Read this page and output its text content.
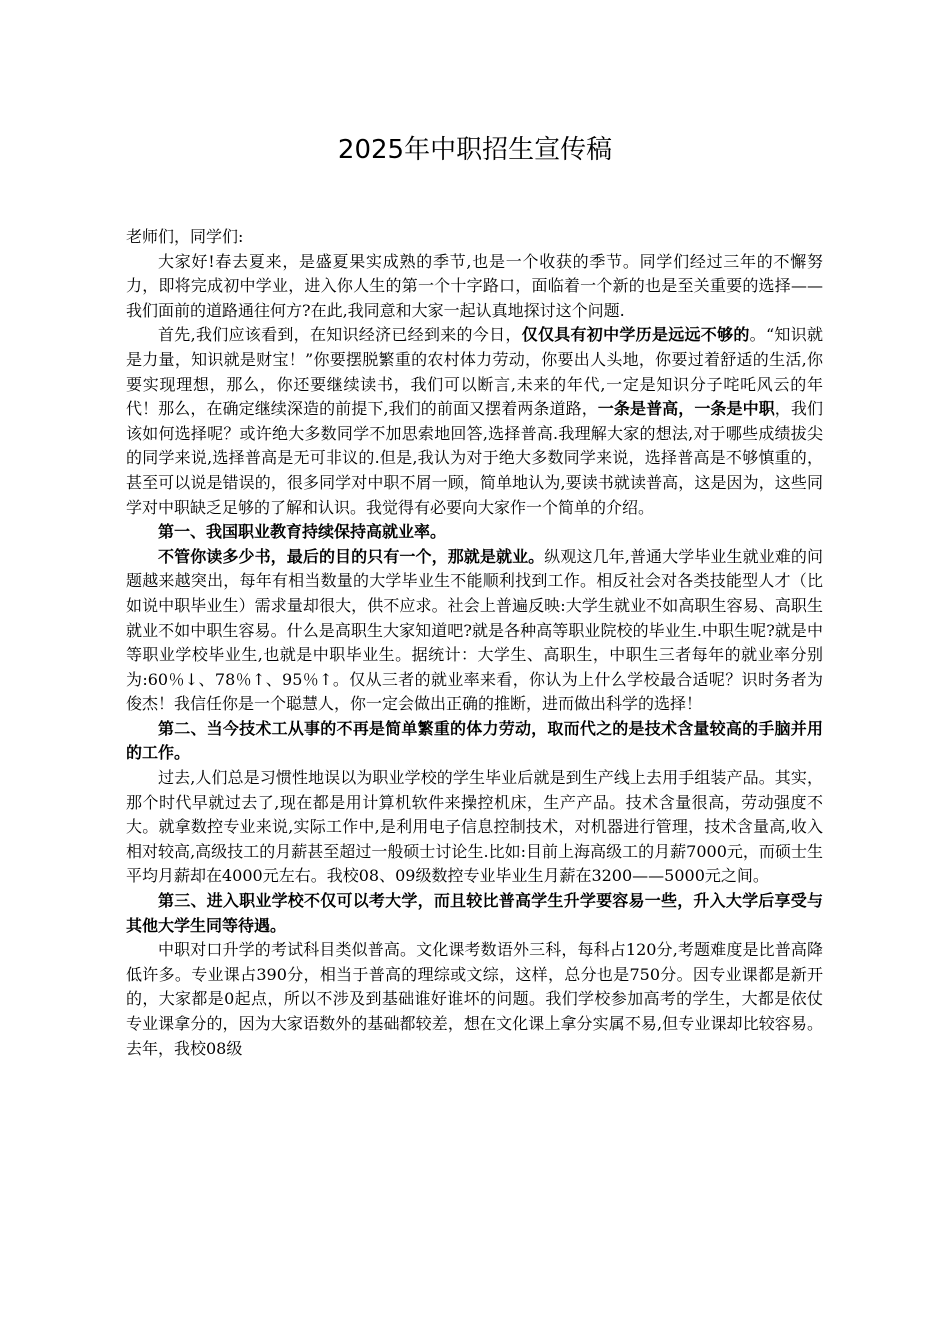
2025年中职招生宣传稿

老师们，同学们:

大家好!春去夏来，是盛夏果实成熟的季节,也是一个收获的季节。同学们经过三年的不懈努力，即将完成初中学业，进入你人生的第一个十字路口，面临着一个新的也是至关重要的选择——我们面前的道路通往何方?在此,我同意和大家一起认真地探讨这个问题.

首先,我们应该看到，在知识经济已经到来的今日，仅仅具有初中学历是远远不够的。“知识就是力量，知识就是财宝！”你要摆脱繁重的农村体力劳动，你要出人头地，你要过着舒适的生活,你要实现理想，那么，你还要继续读书，我们可以断言,未来的年代,一定是知识分子咤吒风云的年代！那么，在确定继续深造的前提下,我们的前面又摆着两条道路，一条是普高，一条是中职，我们该如何选择呢？或许绝大多数同学不加思索地回答,选择普高.我理解大家的想法,对于哪些成绩拔尖的同学来说,选择普高是无可非议的.但是,我认为对于绝大多数同学来说，选择普高是不够慎重的，甚至可以说是错误的，很多同学对中职不屑一顾，简单地认为,要读书就读普高，这是因为，这些同学对中职缺乏足够的了解和认识。我觉得有必要向大家作一个简单的介绍。

第一、我国职业教育持续保持高就业率。

不管你读多少书，最后的目的只有一个，那就是就业。纵观这几年,普通大学毕业生就业难的问题越来越突出，每年有相当数量的大学毕业生不能顺利找到工作。相反社会对各类技能型人才（比如说中职毕业生）需求量却很大，供不应求。社会上普遍反映:大学生就业不如高职生容易、高职生就业不如中职生容易。什么是高职生大家知道吧?就是各种高等职业院校的毕业生.中职生呢?就是中等职业学校毕业生,也就是中职毕业生。据统计：大学生、高职生，中职生三者每年的就业率分别为:60％↓、78％↑、95％↑。仅从三者的就业率来看，你认为上什么学校最合适呢？识时务者为俊杰！我信任你是一个聪慧人，你一定会做出正确的推断，进而做出科学的选择！

第二、当今技术工从事的不再是简单繁重的体力劳动，取而代之的是技术含量较高的手脑并用的工作。

过去,人们总是习惯性地误以为职业学校的学生毕业后就是到生产线上去用手组装产品。其实，那个时代早就过去了,现在都是用计算机软件来操控机床，生产产品。技术含量很高，劳动强度不大。就拿数控专业来说,实际工作中,是利用电子信息控制技术，对机器进行管理，技术含量高,收入相对较高,高级技工的月薪甚至超过一般硕士讨论生.比如:目前上海高级工的月薪7000元，而硕士生平均月薪却在4000元左右。我校08、09级数控专业毕业生月薪在3200——5000元之间。

第三、进入职业学校不仅可以考大学，而且较比普高学生升学要容易一些，升入大学后享受与其他大学生同等待遇。

中职对口升学的考试科目类似普高。文化课考数语外三科，每科占120分,考题难度是比普高降低许多。专业课占390分，相当于普高的理综或文综，这样，总分也是750分。因专业课都是新开的，大家都是0起点，所以不涉及到基础谁好谁坏的问题。我们学校参加高考的学生，大都是依仗专业课拿分的，因为大家语数外的基础都较差，想在文化课上拿分实属不易,但专业课却比较容易。去年，我校08级
